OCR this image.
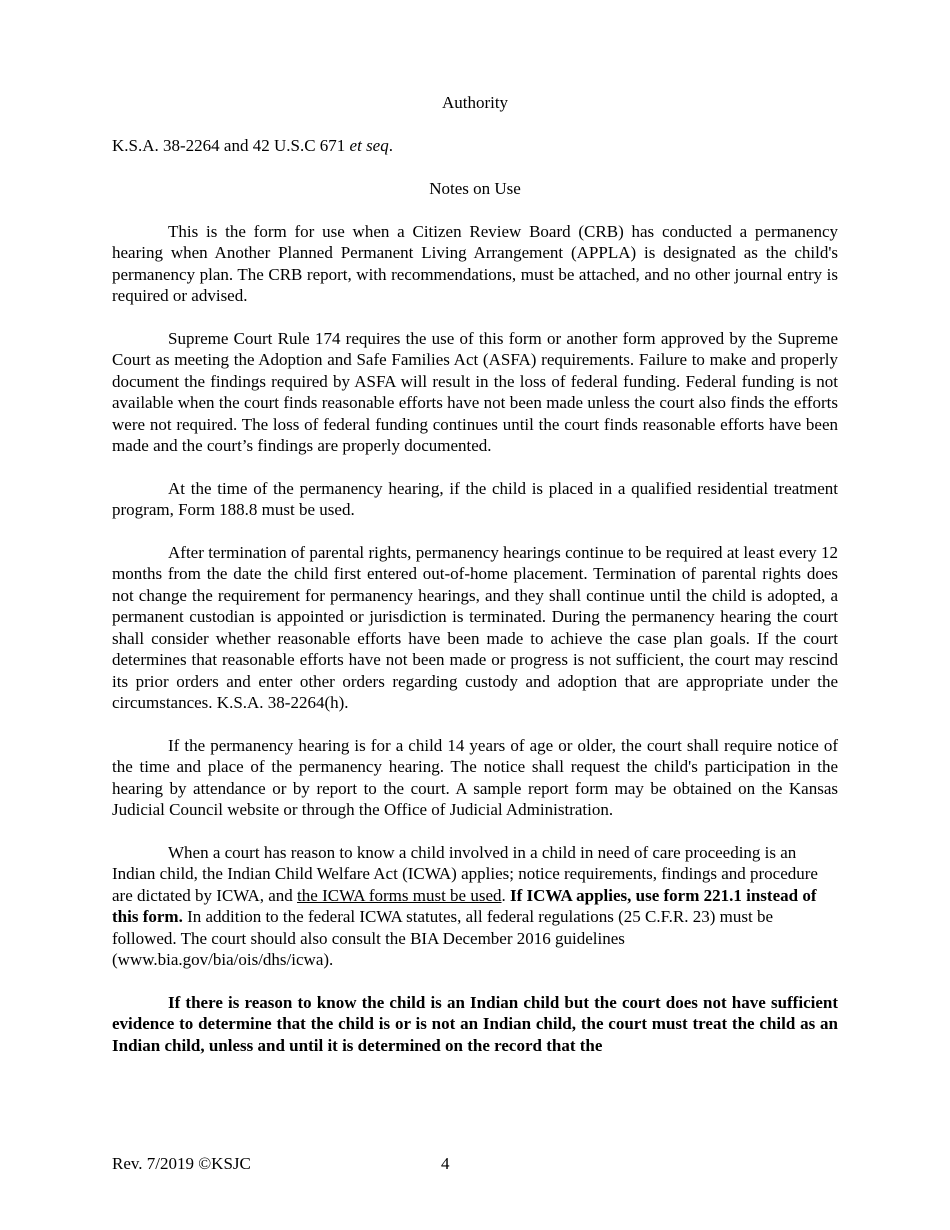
Authority

K.S.A. 38-2264 and 42 U.S.C 671 et seq.

Notes on Use

This is the form for use when a Citizen Review Board (CRB) has conducted a permanency hearing when Another Planned Permanent Living Arrangement (APPLA) is designated as the child's permanency plan. The CRB report, with recommendations, must be attached, and no other journal entry is required or advised.

Supreme Court Rule 174 requires the use of this form or another form approved by the Supreme Court as meeting the Adoption and Safe Families Act (ASFA) requirements. Failure to make and properly document the findings required by ASFA will result in the loss of federal funding. Federal funding is not available when the court finds reasonable efforts have not been made unless the court also finds the efforts were not required. The loss of federal funding continues until the court finds reasonable efforts have been made and the court’s findings are properly documented.

At the time of the permanency hearing, if the child is placed in a qualified residential treatment program, Form 188.8 must be used.

After termination of parental rights, permanency hearings continue to be required at least every 12 months from the date the child first entered out-of-home placement. Termination of parental rights does not change the requirement for permanency hearings, and they shall continue until the child is adopted, a permanent custodian is appointed or jurisdiction is terminated. During the permanency hearing the court shall consider whether reasonable efforts have been made to achieve the case plan goals. If the court determines that reasonable efforts have not been made or progress is not sufficient, the court may rescind its prior orders and enter other orders regarding custody and adoption that are appropriate under the circumstances. K.S.A. 38-2264(h).

If the permanency hearing is for a child 14 years of age or older, the court shall require notice of the time and place of the permanency hearing. The notice shall request the child's participation in the hearing by attendance or by report to the court. A sample report form may be obtained on the Kansas Judicial Council website or through the Office of Judicial Administration.

When a court has reason to know a child involved in a child in need of care proceeding is an Indian child, the Indian Child Welfare Act (ICWA) applies; notice requirements, findings and procedure are dictated by ICWA, and the ICWA forms must be used. If ICWA applies, use form 221.1 instead of this form. In addition to the federal ICWA statutes, all federal regulations (25 C.F.R. 23) must be followed. The court should also consult the BIA December 2016 guidelines (www.bia.gov/bia/ois/dhs/icwa).

If there is reason to know the child is an Indian child but the court does not have sufficient evidence to determine that the child is or is not an Indian child, the court must treat the child as an Indian child, unless and until it is determined on the record that the

Rev. 7/2019 ©KSJC	4
